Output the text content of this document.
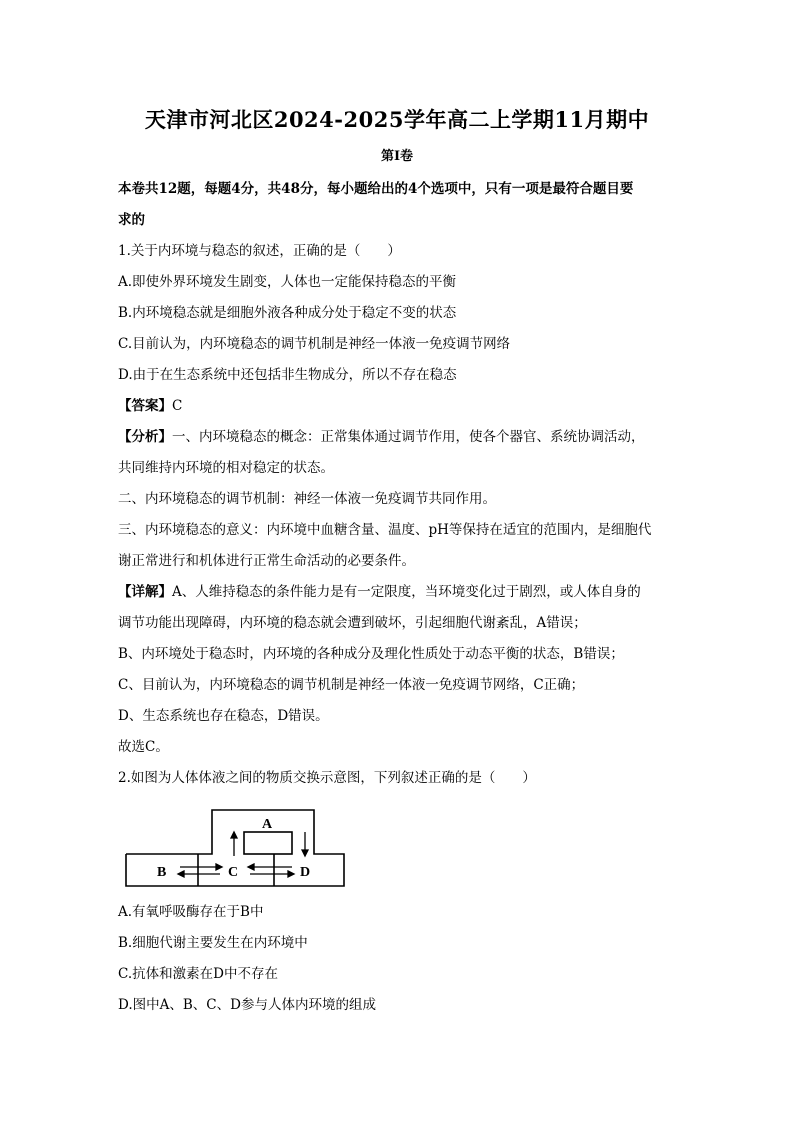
天津市河北区2024-2025学年高二上学期11月期中
第Ⅰ卷
本卷共12题，每题4分，共48分，每小题给出的4个选项中，只有一项是最符合题目要
求的
1.关于内环境与稳态的叙述，正确的是（　　）
A.即使外界环境发生剧变，人体也一定能保持稳态的平衡
B.内环境稳态就是细胞外液各种成分处于稳定不变的状态
C.目前认为，内环境稳态的调节机制是神经一体液一免疫调节网络
D.由于在生态系统中还包括非生物成分，所以不存在稳态
【答案】C
【分析】一、内环境稳态的概念：正常集体通过调节作用，使各个器官、系统协调活动，
共同维持内环境的相对稳定的状态。
二、内环境稳态的调节机制：神经一体液一免疫调节共同作用。
三、内环境稳态的意义：内环境中血糖含量、温度、pH等保持在适宜的范围内，是细胞代
谢正常进行和机体进行正常生命活动的必要条件。
【详解】A、人维持稳态的条件能力是有一定限度，当环境变化过于剧烈，或人体自身的
调节功能出现障碍，内环境的稳态就会遭到破坏，引起细胞代谢紊乱，A错误；
B、内环境处于稳态时，内环境的各种成分及理化性质处于动态平衡的状态，B错误；
C、目前认为，内环境稳态的调节机制是神经一体液一免疫调节网络，C正确；
D、生态系统也存在稳态，D错误。
故选C。
2.如图为人体体液之间的物质交换示意图，下列叙述正确的是（　　）
A
B	C	D
A.有氧呼吸酶存在于B中
B.细胞代谢主要发生在内环境中
C.抗体和激素在D中不存在
D.图中A、B、C、D参与人体内环境的组成
